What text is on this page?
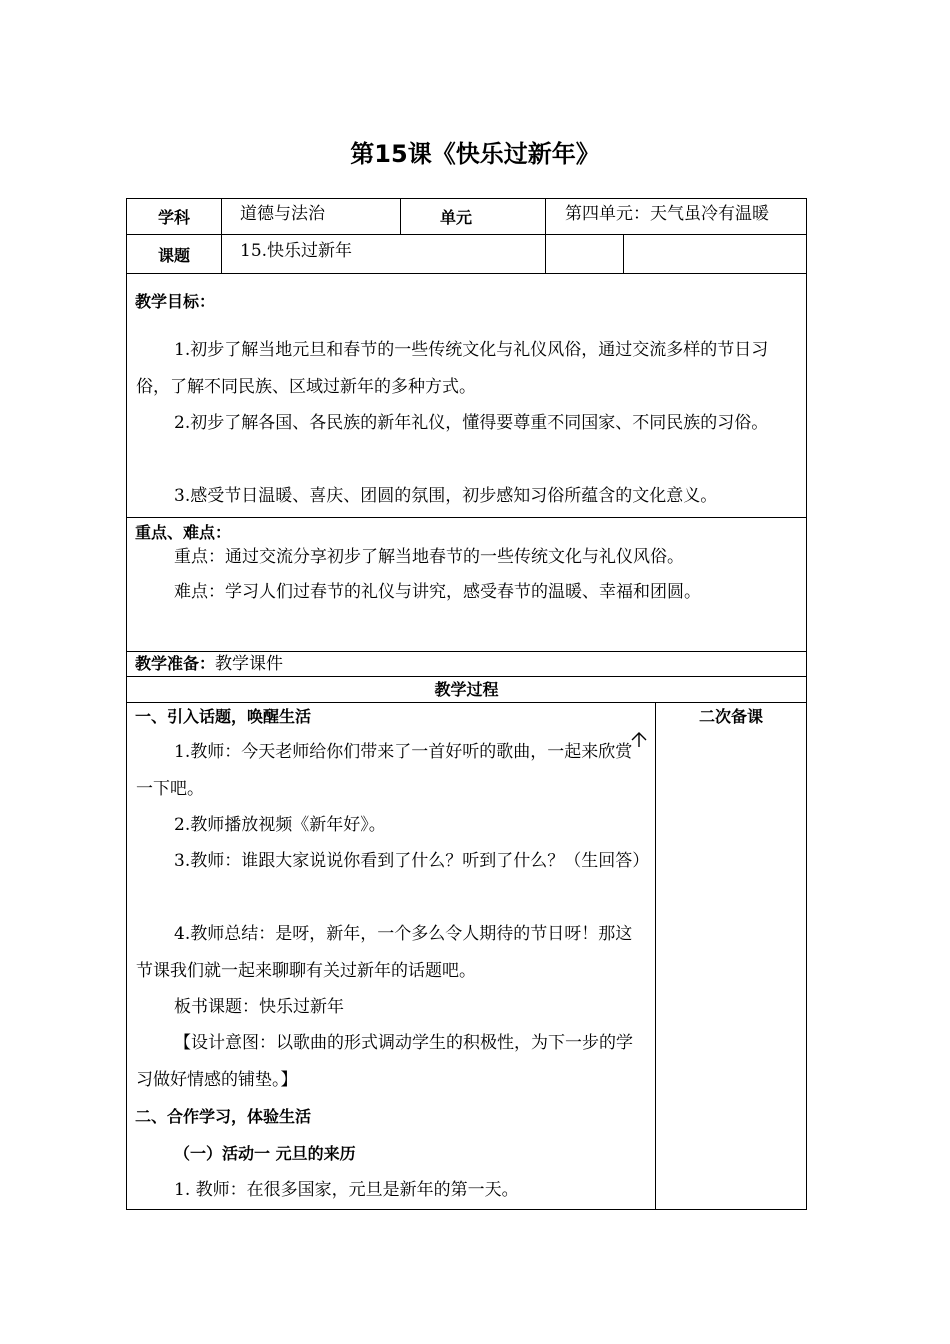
第15课《快乐过新年》
学科	道德与法治	单元	第四单元：天气虽冷有温暖
课题	15.快乐过新年
教学目标：

1.初步了解当地元旦和春节的一些传统文化与礼仪风俗，通过交流多样的节日习俗，了解不同民族、区域过新年的多种方式。

2.初步了解各国、各民族的新年礼仪，懂得要尊重不同国家、不同民族的习俗。

3.感受节日温暖、喜庆、团圆的氛围，初步感知习俗所蕴含的文化意义。

重点、难点：

重点：通过交流分享初步了解当地春节的一些传统文化与礼仪风俗。

难点：学习人们过春节的礼仪与讲究，感受春节的温暖、幸福和团圆。

教学准备：教学课件
教学过程
二次备课
一、引入话题，唤醒生活

1.教师：今天老师给你们带来了一首好听的歌曲，一起来欣赏一下吧。

2.教师播放视频《新年好》。

3.教师：谁跟大家说说你看到了什么？听到了什么？（生回答）

4.教师总结：是呀，新年，一个多么令人期待的节日呀！那这节课我们就一起来聊聊有关过新年的话题吧。

板书课题：快乐过新年

【设计意图：以歌曲的形式调动学生的积极性，为下一步的学习做好情感的铺垫。】

二、合作学习，体验生活
（一）活动一 元旦的来历

1. 教师：在很多国家，元旦是新年的第一天。
